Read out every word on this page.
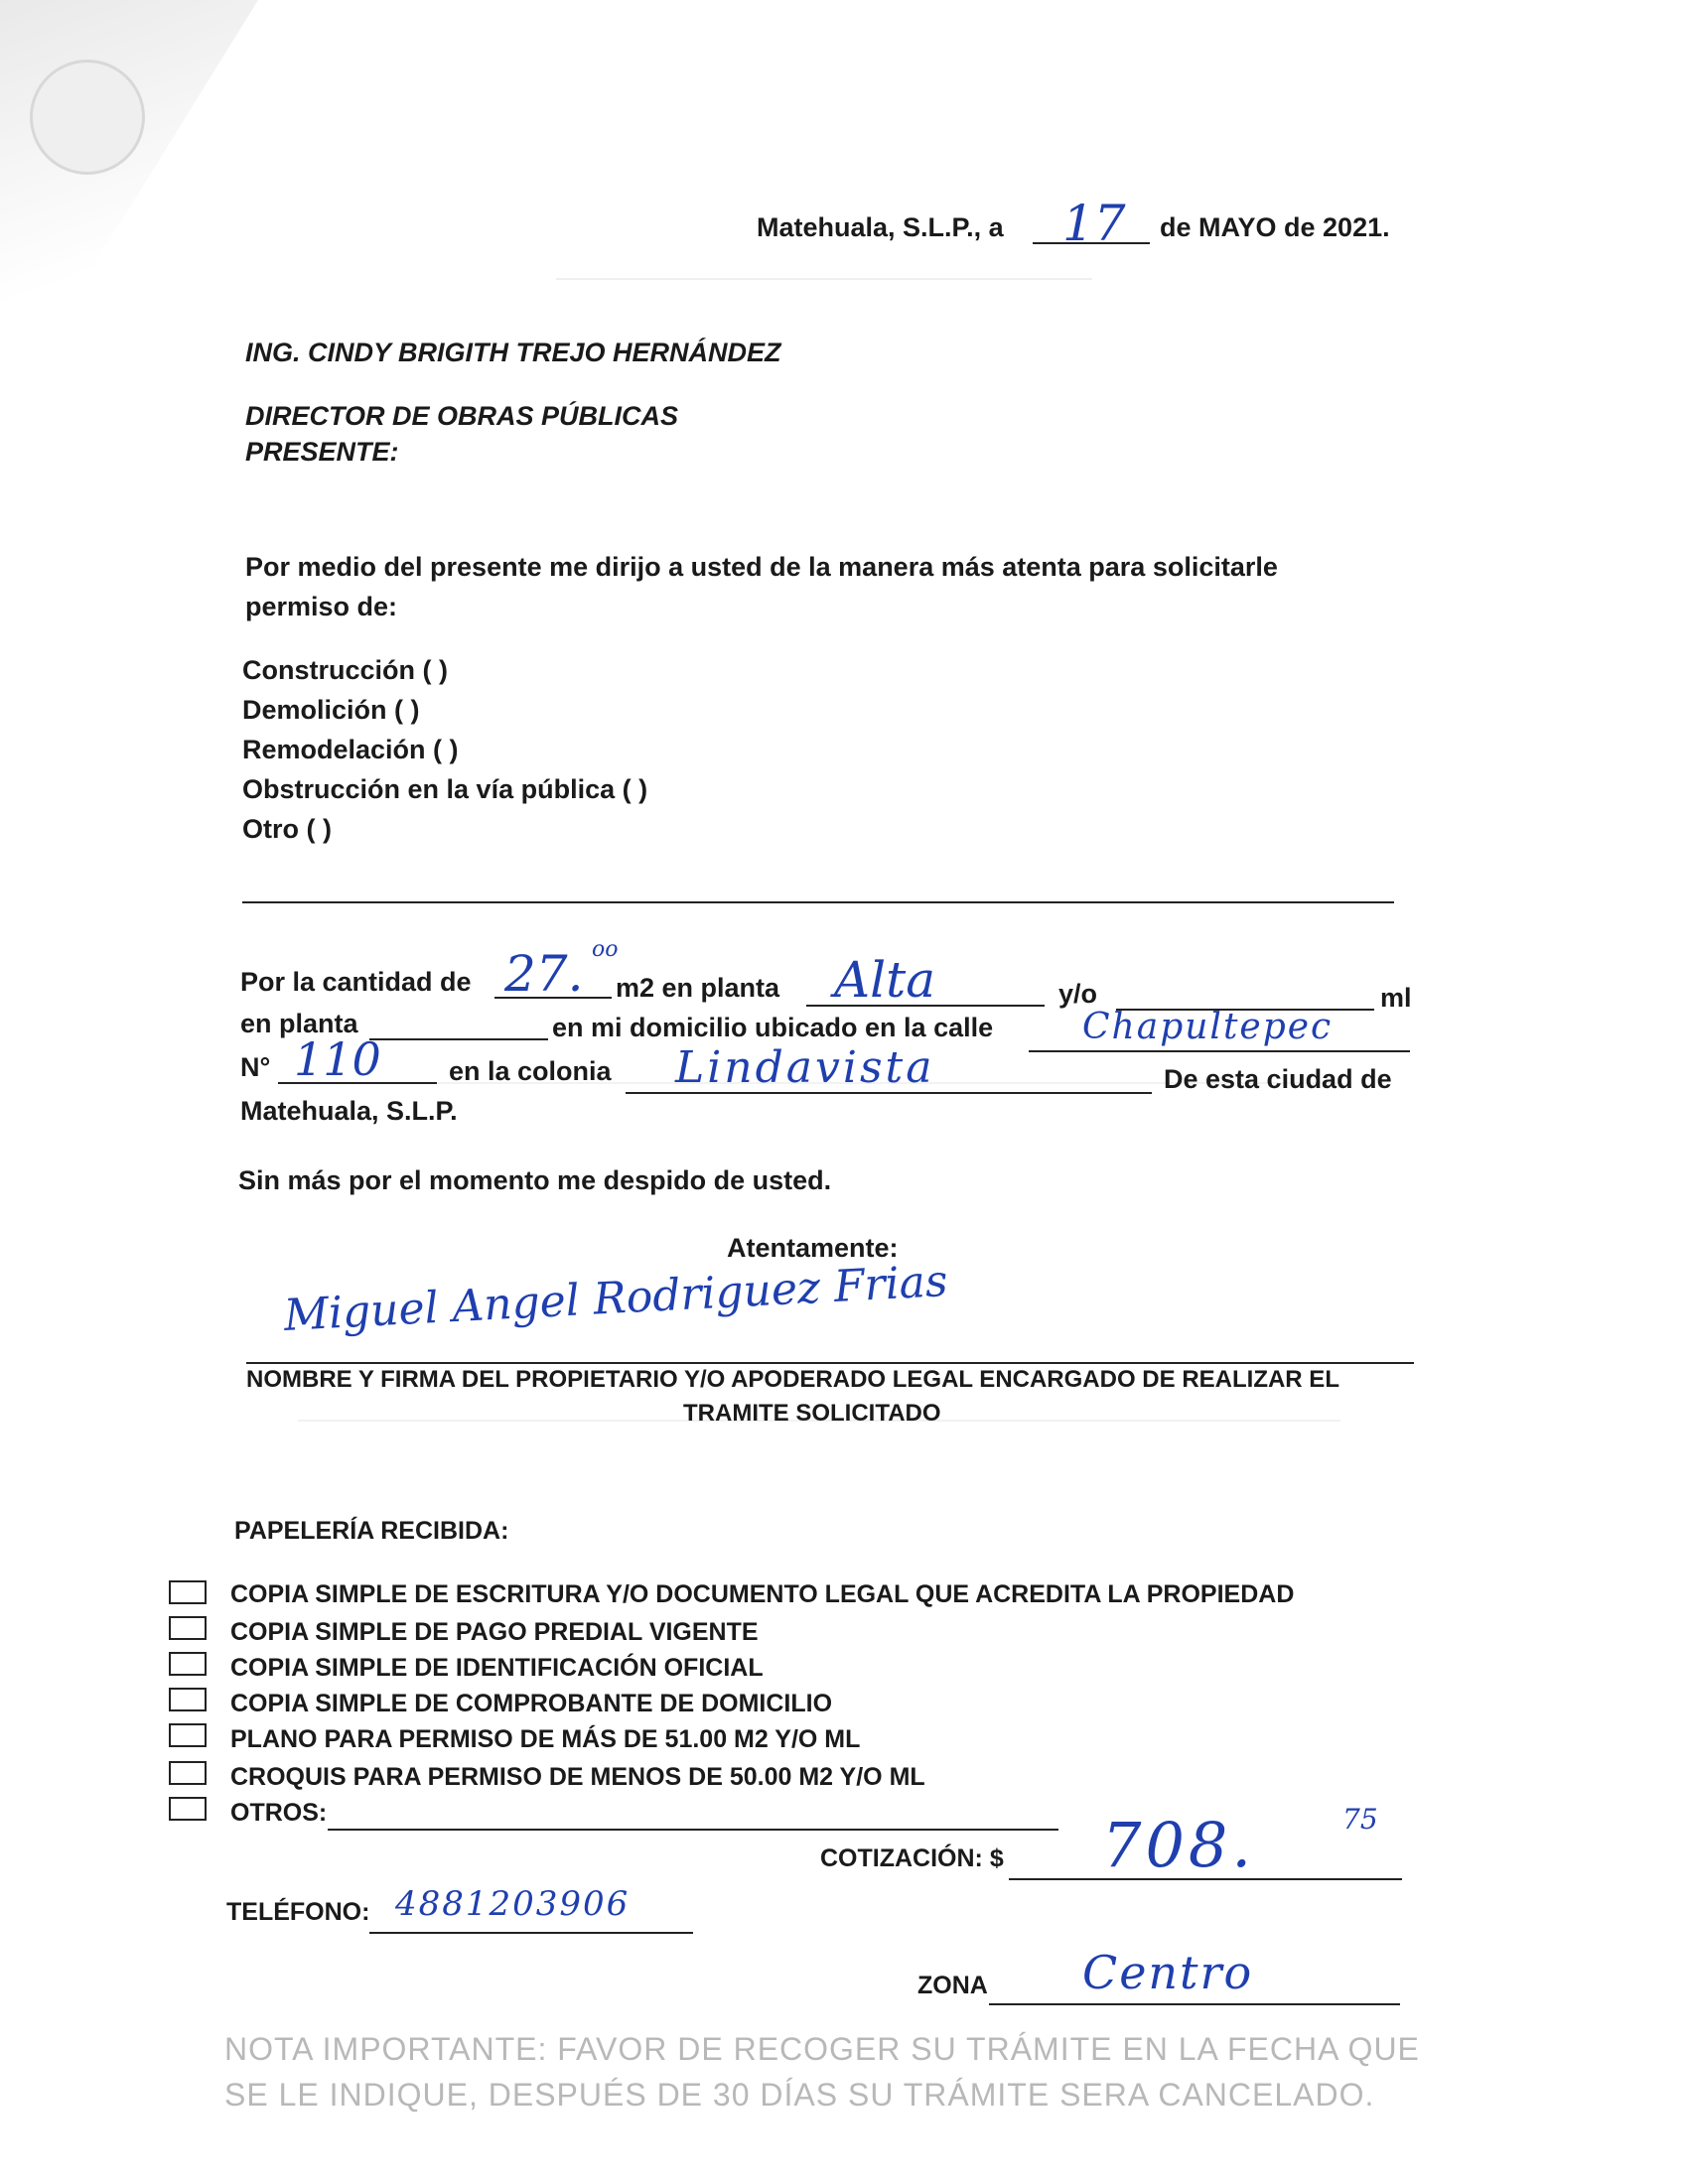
Matehuala, S.L.P., a 17 de MAYO de 2021.
ING. CINDY BRIGITH TREJO HERNÁNDEZ
DIRECTOR DE OBRAS PÚBLICAS
PRESENTE:
Por medio del presente me dirijo a usted de la manera más atenta para solicitarle
permiso de:
Construcción ( )
Demolición ( )
Remodelación ( )
Obstrucción en la vía pública ( )
Otro ( )
Por la cantidad de 27. oo
m2 en planta Alta	y/o	ml
en planta	en mi domicilio ubicado en la calle Chapultepec
N° 110	en la colonia Lindavista	De esta ciudad de
Matehuala, S.L.P.
Sin más por el momento me despido de usted.
Atentamente:
Miguel Angel Rodriguez Frias
NOMBRE Y FIRMA DEL PROPIETARIO Y/O APODERADO LEGAL ENCARGADO DE REALIZAR EL
TRAMITE SOLICITADO
PAPELERÍA RECIBIDA:
COPIA SIMPLE DE ESCRITURA Y/O DOCUMENTO LEGAL QUE ACREDITA LA PROPIEDAD
COPIA SIMPLE DE PAGO PREDIAL VIGENTE
COPIA SIMPLE DE IDENTIFICACIÓN OFICIAL
COPIA SIMPLE DE COMPROBANTE DE DOMICILIO
PLANO PARA PERMISO DE MÁS DE 51.00 M2 Y/O ML
CROQUIS PARA PERMISO DE MENOS DE 50.00 M2 Y/O ML
OTROS:
COTIZACIÓN: $ 708.	75
TELÉFONO: 4881203906
ZONA Centro
NOTA IMPORTANTE: FAVOR DE RECOGER SU TRÁMITE EN LA FECHA QUE
SE LE INDIQUE, DESPUÉS DE 30 DÍAS SU TRÁMITE SERA CANCELADO.
